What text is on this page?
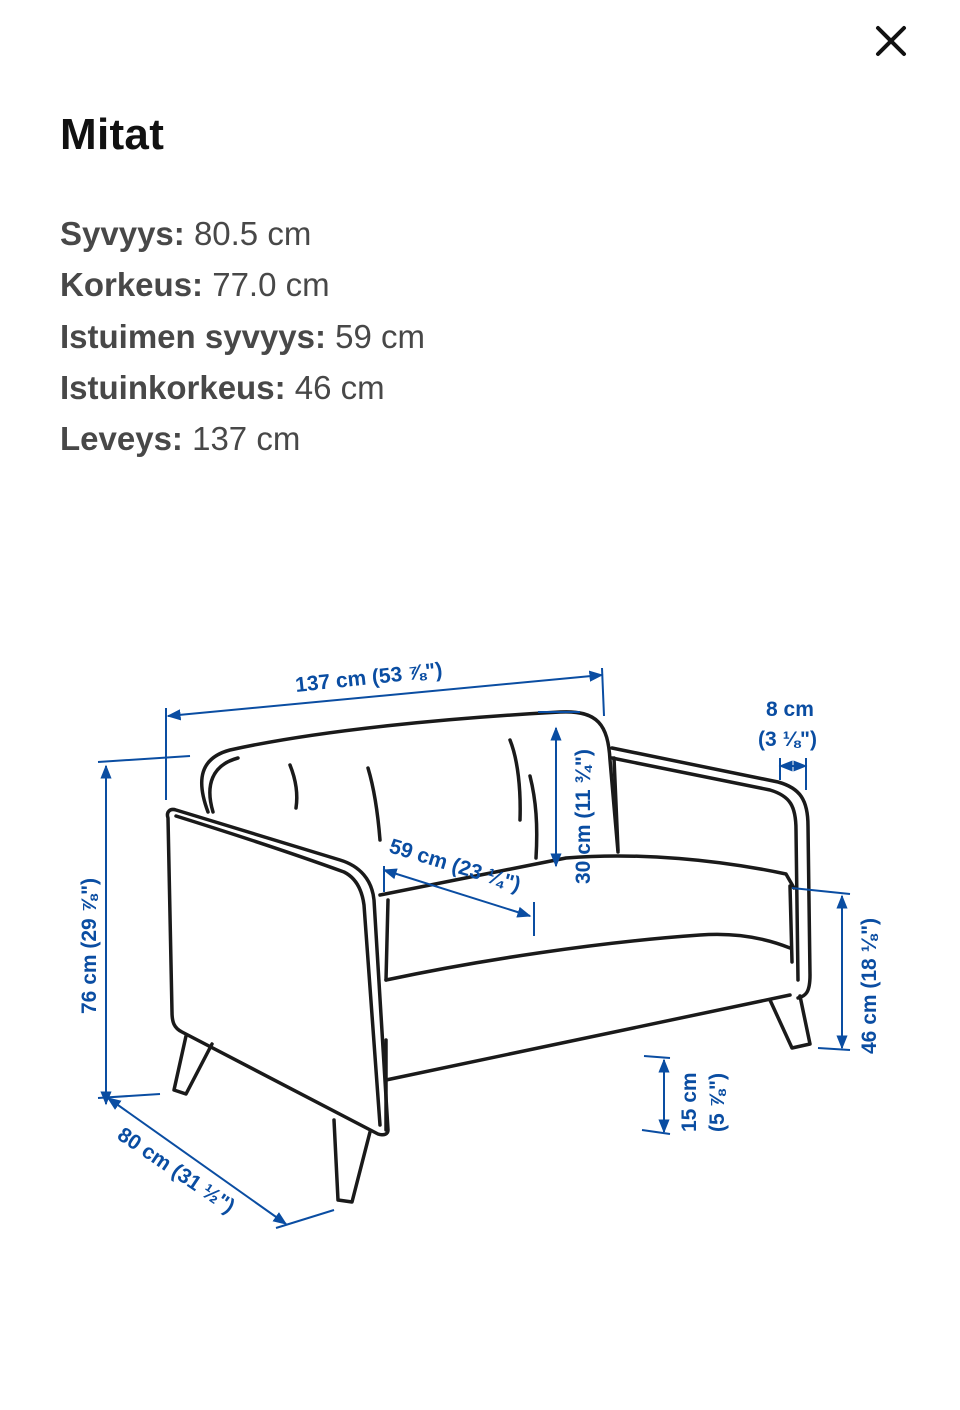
Mitat
Syvyys: 80.5 cm
Korkeus: 77.0 cm
Istuimen syvyys: 59 cm
Istuinkorkeus: 46 cm
Leveys: 137 cm
137 cm (53 ⅞")
8 cm
(3 ⅛")
76 cm (29 ⅞")
80 cm (31 ½")
59 cm (23 ¼") 30 cm (11 ¾")
46 cm (18 ⅛")
15 cm (5 ⅞")
